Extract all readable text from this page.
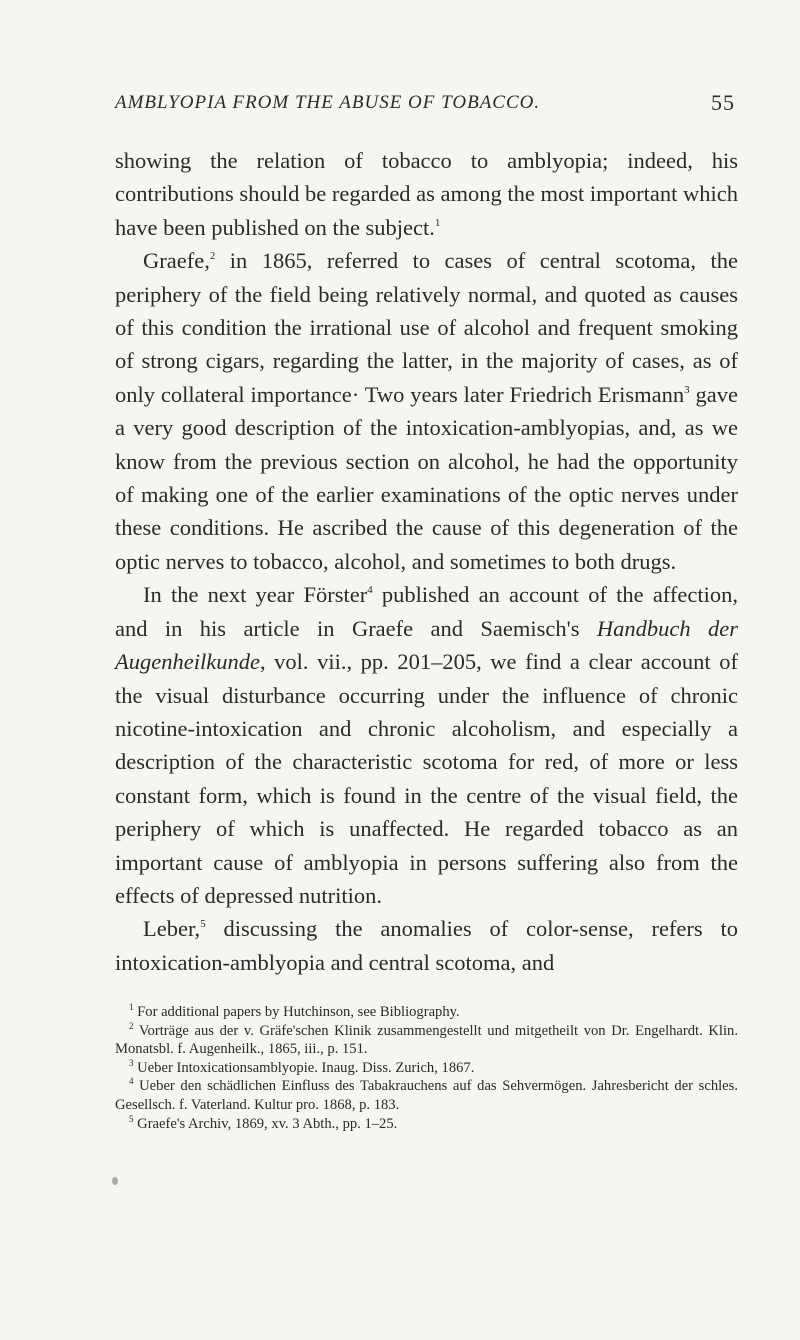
AMBLYOPIA FROM THE ABUSE OF TOBACCO.	55

showing the relation of tobacco to amblyopia; indeed, his contributions should be regarded as among the most important which have been published on the subject.$^1$

Graefe,$^2$ in 1865, referred to cases of central scotoma, the periphery of the field being relatively normal, and quoted as causes of this condition the irrational use of alcohol and frequent smoking of strong cigars, regarding the latter, in the majority of cases, as of only collateral importance· Two years later Friedrich Erismann$^3$ gave a very good description of the intoxication-amblyopias, and, as we know from the previous section on alcohol, he had the opportunity of making one of the earlier examinations of the optic nerves under these conditions. He ascribed the cause of this degeneration of the optic nerves to tobacco, alcohol, and sometimes to both drugs.

In the next year Förster$^4$ published an account of the affection, and in his article in Graefe and Saemisch's Handbuch der Augenheilkunde, vol. vii., pp. 201–205, we find a clear account of the visual disturbance occurring under the influence of chronic nicotine-intoxication and chronic alcoholism, and especially a description of the characteristic scotoma for red, of more or less constant form, which is found in the centre of the visual field, the periphery of which is unaffected. He regarded tobacco as an important cause of amblyopia in persons suffering also from the effects of depressed nutrition.

Leber,$^5$ discussing the anomalies of color-sense, refers to intoxication-amblyopia and central scotoma, and

$^1$ For additional papers by Hutchinson, see Bibliography.

$^2$ Vorträge aus der v. Gräfe'schen Klinik zusammengestellt und mitgetheilt von Dr. Engelhardt. Klin. Monatsbl. f. Augenheilk., 1865, iii., p. 151.

$^3$ Ueber Intoxicationsamblyopie. Inaug. Diss. Zurich, 1867.

$^4$ Ueber den schädlichen Einfluss des Tabakrauchens auf das Sehvermögen. Jahresbericht der schles. Gesellsch. f. Vaterland. Kultur pro. 1868, p. 183.

$^5$ Graefe's Archiv, 1869, xv. 3 Abth., pp. 1–25.
